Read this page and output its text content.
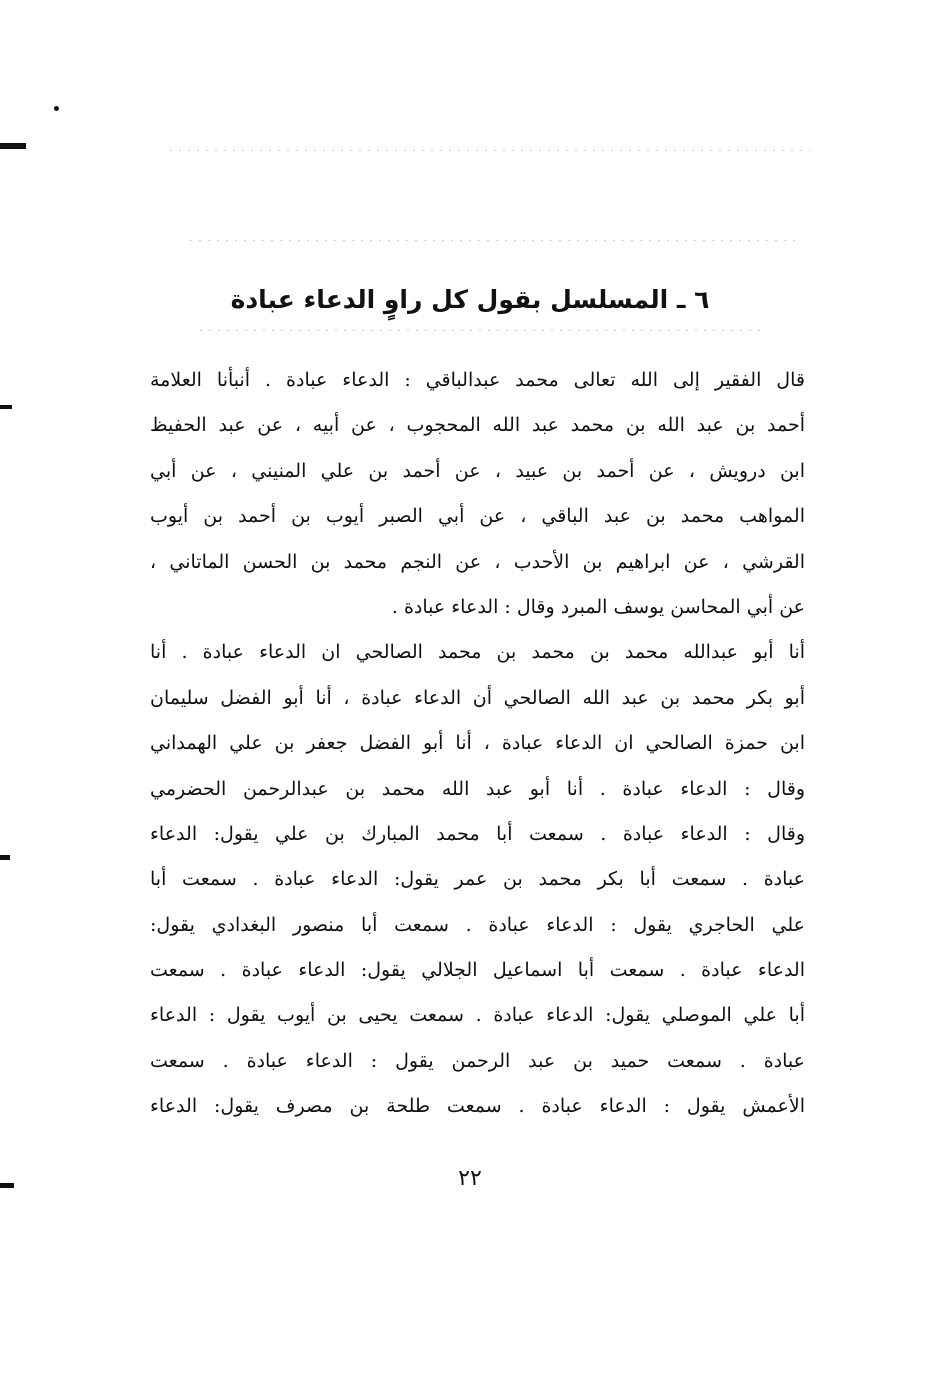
٦ ـ المسلسل بقول كل راوٍ الدعاء عبادة
قال الفقير إلى الله تعالى محمد عبدالباقي : الدعاء عبادة . أنبأنا العلامة
أحمد بن عبد الله بن محمد عبد الله المحجوب ، عن أبيه ، عن عبد الحفيظ
ابن درويش ، عن أحمد بن عبيد ، عن أحمد بن علي المنيني ، عن أبي
المواهب محمد بن عبد الباقي ، عن أبي الصبر أيوب بن أحمد بن أيوب
القرشي ، عن ابراهيم بن الأحدب ، عن النجم محمد بن الحسن الماتاني ،
عن أبي المحاسن يوسف المبرد وقال : الدعاء عبادة .
أنا أبو عبدالله محمد بن محمد بن محمد الصالحي ان الدعاء عبادة . أنا
أبو بكر محمد بن عبد الله الصالحي أن الدعاء عبادة ، أنا أبو الفضل سليمان
ابن حمزة الصالحي ان الدعاء عبادة ، أنا أبو الفضل جعفر بن علي الهمداني
وقال : الدعاء عبادة . أنا أبو عبد الله محمد بن عبدالرحمن الحضرمي
وقال : الدعاء عبادة . سمعت أبا محمد المبارك بن علي يقول: الدعاء
عبادة . سمعت أبا بكر محمد بن عمر يقول: الدعاء عبادة . سمعت أبا
علي الحاجري يقول : الدعاء عبادة . سمعت أبا منصور البغدادي يقول:
الدعاء عبادة . سمعت أبا اسماعيل الجلالي يقول: الدعاء عبادة . سمعت
أبا علي الموصلي يقول: الدعاء عبادة . سمعت يحيى بن أيوب يقول : الدعاء
عبادة . سمعت حميد بن عبد الرحمن يقول : الدعاء عبادة . سمعت
الأعمش يقول : الدعاء عبادة . سمعت طلحة بن مصرف يقول: الدعاء
٢٢
